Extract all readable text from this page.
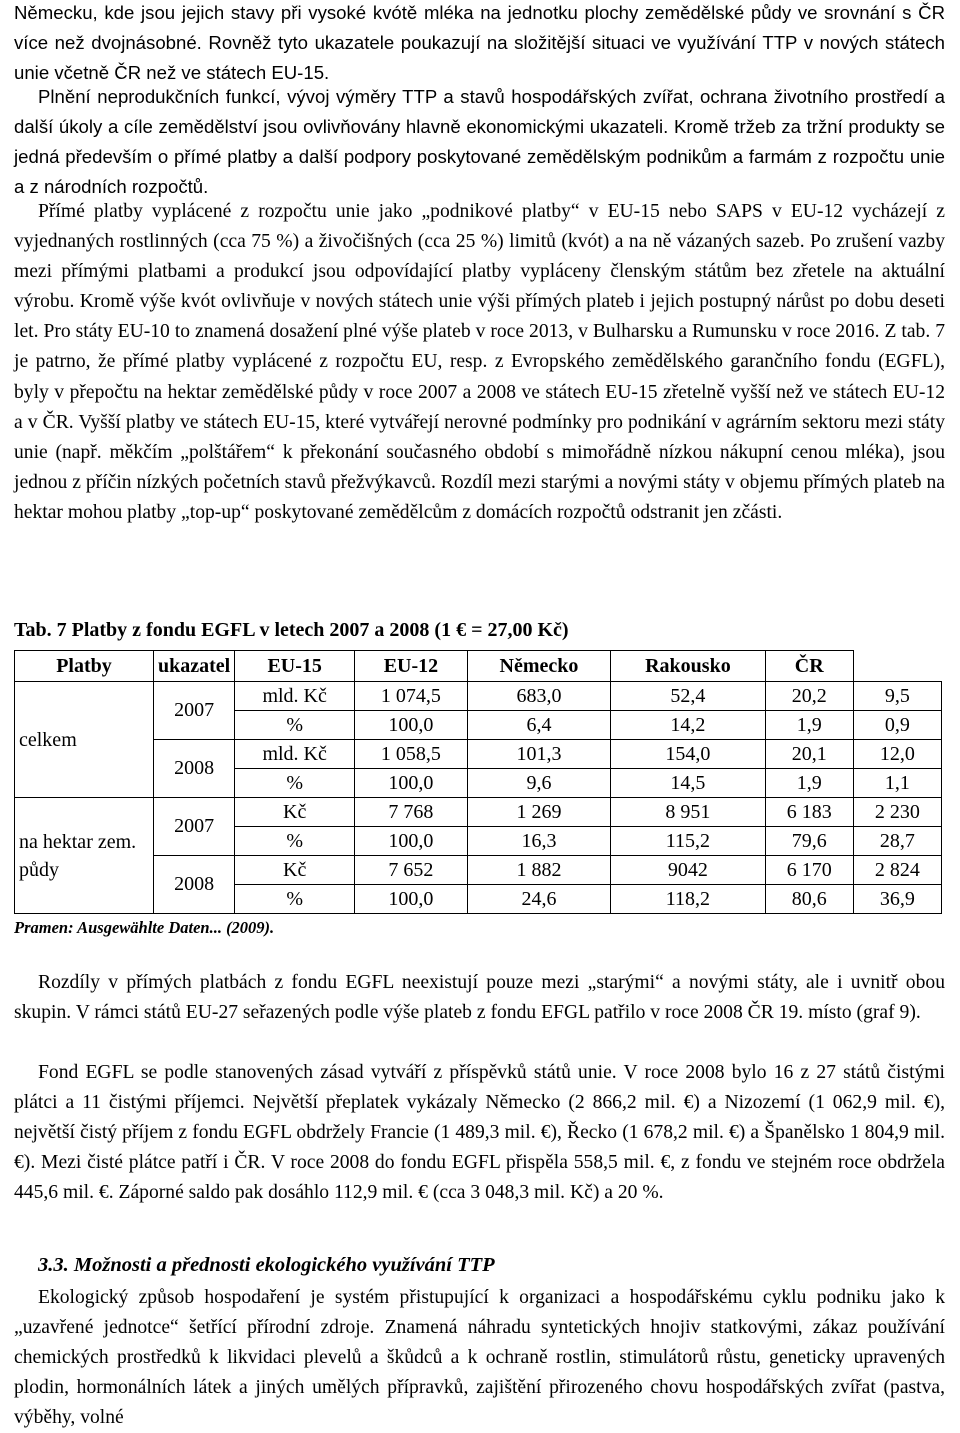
Německu, kde jsou jejich stavy při vysoké kvótě mléka na jednotku plochy zemědělské půdy ve srovnání s ČR více než dvojnásobné. Rovněž tyto ukazatele poukazují na složitější situaci ve využívání TTP v nových státech unie včetně ČR než ve státech EU-15.

Plnění neprodukčních funkcí, vývoj výměry TTP a stavů hospodářských zvířat, ochrana životního prostředí a další úkoly a cíle zemědělství jsou ovlivňovány hlavně ekonomickými ukazateli. Kromě tržeb za tržní produkty se jedná především o přímé platby a další podpory poskytované zemědělským podnikům a farmám z rozpočtu unie a z národních rozpočtů.

Přímé platby vyplácené z rozpočtu unie jako „podnikové platby“ v EU-15 nebo SAPS v EU-12 vycházejí z vyjednaných rostlinných (cca 75 %) a živočišných (cca 25 %) limitů (kvót) a na ně vázaných sazeb. Po zrušení vazby mezi přímými platbami a produkcí jsou odpovídající platby vypláceny členským státům bez zřetele na aktuální výrobu. Kromě výše kvót ovlivňuje v nových státech unie výši přímých plateb i jejich postupný nárůst po dobu deseti let. Pro státy EU-10 to znamená dosažení plné výše plateb v roce 2013, v Bulharsku a Rumunsku v roce 2016. Z tab. 7 je patrno, že přímé platby vyplácené z rozpočtu EU, resp. z Evropského zemědělského garančního fondu (EGFL), byly v přepočtu na hektar zemědělské půdy v roce 2007 a 2008 ve státech EU-15 zřetelně vyšší než ve státech EU-12 a v ČR. Vyšší platby ve státech EU-15, které vytvářejí nerovné podmínky pro podnikání v agrárním sektoru mezi státy unie (např. měkčím „polštářem“ k překonání současného období s mimořádně nízkou nákupní cenou mléka), jsou jednou z příčin nízkých početních stavů přežvýkavců. Rozdíl mezi starými a novými státy v objemu přímých plateb na hektar mohou platby „top-up“ poskytované zemědělcům z domácích rozpočtů odstranit jen zčásti.

Tab. 7 Platby z fondu EGFL v letech 2007 a 2008 (1 € = 27,00 Kč)
Platby	ukazatel	EU-15	EU-12	Německo	Rakousko	ČR	
celkem	2007	mld. Kč	1 074,5	683,0	52,4	20,2	9,5
		%	100,0	6,4	14,2	1,9	0,9
	2008	mld. Kč	1 058,5	101,3	154,0	20,1	12,0
		%	100,0	9,6	14,5	1,9	1,1
na hektar zem. půdy	2007	Kč	7 768	1 269	8 951	6 183	2 230
		%	100,0	16,3	115,2	79,6	28,7
	2008	Kč	7 652	1 882	9042	6 170	2 824
		%	100,0	24,6	118,2	80,6	36,9
Pramen: Ausgewählte Daten... (2009).

Rozdíly v přímých platbách z fondu EGFL neexistují pouze mezi „starými“ a novými státy, ale i uvnitř obou skupin. V rámci států EU-27 seřazených podle výše plateb z fondu EFGL patřilo v roce 2008 ČR 19. místo (graf 9).

Fond EGFL se podle stanovených zásad vytváří z příspěvků států unie. V roce 2008 bylo 16 z 27 států čistými plátci a 11 čistými příjemci. Největší přeplatek vykázaly Německo (2 866,2 mil. €) a Nizozemí (1 062,9 mil. €), největší čistý příjem z fondu EGFL obdržely Francie (1 489,3 mil. €), Řecko (1 678,2 mil. €) a Španělsko 1 804,9 mil. €). Mezi čisté plátce patří i ČR. V roce 2008 do fondu EGFL přispěla 558,5 mil. €, z fondu ve stejném roce obdržela 445,6 mil. €. Záporné saldo pak dosáhlo 112,9 mil. € (cca 3 048,3 mil. Kč) a 20 %.

3.3. Možnosti a přednosti ekologického využívání TTP

Ekologický způsob hospodaření je systém přistupující k organizaci a hospodářskému cyklu podniku jako k „uzavřené jednotce“ šetřící přírodní zdroje. Znamená náhradu syntetických hnojiv statkovými, zákaz používání chemických prostředků k likvidaci plevelů a škůdců a k ochraně rostlin, stimulátorů růstu, geneticky upravených plodin, hormonálních látek a jiných umělých přípravků, zajištění přirozeného chovu hospodářských zvířat (pastva, výběhy, volné
